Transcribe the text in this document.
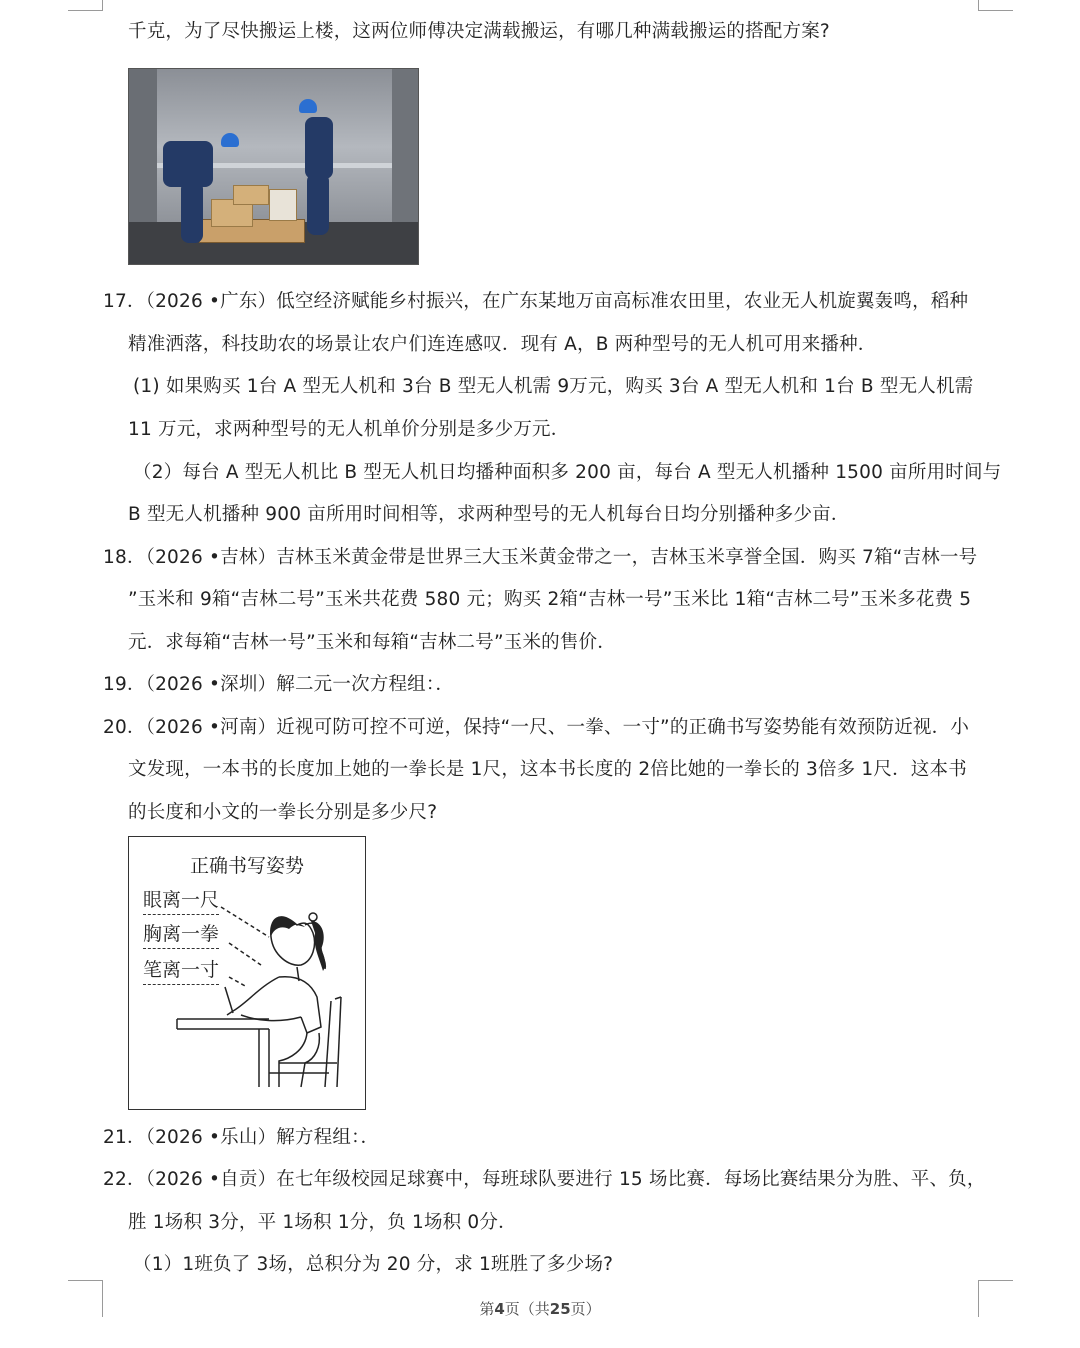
千克，为了尽快搬运上楼，这两位师傅决定满载搬运，有哪几种满载搬运的搭配方案?
17．（2026 •广东）低空经济赋能乡村振兴，在广东某地万亩高标准农田里，农业无人机旋翼轰鸣，稻种
精准洒落，科技助农的场景让农户们连连感叹．现有 A，B 两种型号的无人机可用来播种．
(1) 如果购买 1台 A 型无人机和 3台 B 型无人机需 9万元，购买 3台 A 型无人机和 1台 B 型无人机需
11 万元，求两种型号的无人机单价分别是多少万元．
（2）每台 A 型无人机比 B 型无人机日均播种面积多 200 亩，每台 A 型无人机播种 1500 亩所用时间与
B 型无人机播种 900 亩所用时间相等，求两种型号的无人机每台日均分别播种多少亩．
18．（2026 •吉林）吉林玉米黄金带是世界三大玉米黄金带之一，吉林玉米享誉全国．购买 7箱“吉林一号
”玉米和 9箱“吉林二号”玉米共花费 580 元；购买 2箱“吉林一号”玉米比 1箱“吉林二号”玉米多花费 5
元．求每箱“吉林一号”玉米和每箱“吉林二号”玉米的售价．
19．（2026 •深圳）解二元一次方程组：．
20．（2026 •河南）近视可防可控不可逆，保持“一尺、一拳、一寸”的正确书写姿势能有效预防近视．小
文发现，一本书的长度加上她的一拳长是 1尺，这本书长度的 2倍比她的一拳长的 3倍多 1尺．这本书
的长度和小文的一拳长分别是多少尺?
正确书写姿势
眼离一尺
胸离一拳
笔离一寸
21．（2026 •乐山）解方程组：．
22．（2026 •自贡）在七年级校园足球赛中，每班球队要进行 15 场比赛．每场比赛结果分为胜、平、负，
胜 1场积 3分，平 1场积 1分，负 1场积 0分．
（1）1班负了 3场，总积分为 20 分，求 1班胜了多少场?
第4页（共25页）
